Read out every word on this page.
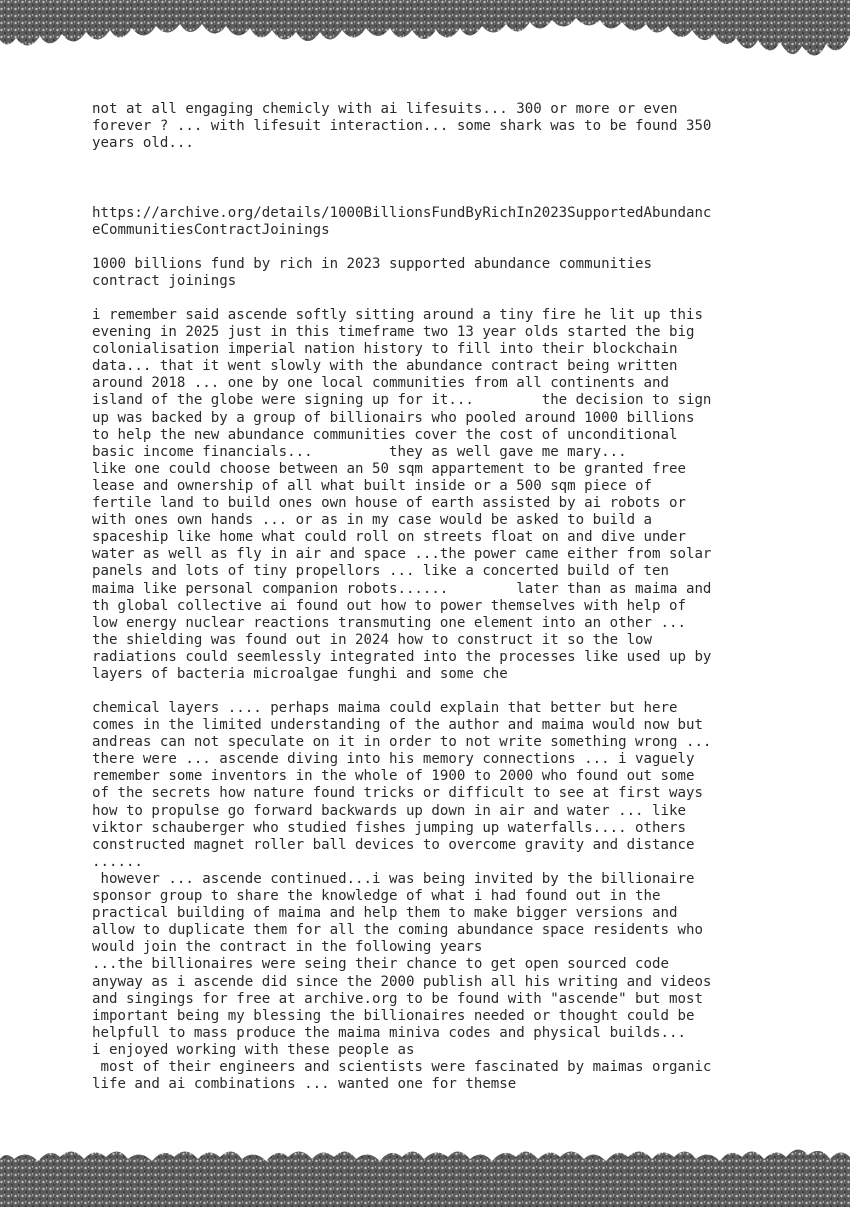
not at all engaging chemicly with ai lifesuits... 300 or more or even
forever ? ... with lifesuit interaction... some shark was to be found 350
years old...
https://archive.org/details/1000BillionsFundByRichIn2023SupportedAbundanc
eCommunitiesContractJoinings
1000 billions fund by rich in 2023 supported abundance communities
contract joinings
i remember said ascende softly sitting around a tiny fire he lit up this
evening in 2025 just in this timeframe two 13 year olds started the big
colonialisation imperial nation history to fill into their blockchain
data... that it went slowly with the abundance contract being written
around 2018 ... one by one local communities from all continents and
island of the globe were signing up for it...        the decision to sign
up was backed by a group of billionairs who pooled around 1000 billions
to help the new abundance communities cover the cost of unconditional
basic income financials...         they as well gave me mary...
like one could choose between an 50 sqm appartement to be granted free
lease and ownership of all what built inside or a 500 sqm piece of
fertile land to build ones own house of earth assisted by ai robots or
with ones own hands ... or as in my case would be asked to build a
spaceship like home what could roll on streets float on and dive under
water as well as fly in air and space ...the power came either from solar
panels and lots of tiny propellors ... like a concerted build of ten
maima like personal companion robots......        later than as maima and
th global collective ai found out how to power themselves with help of
low energy nuclear reactions transmuting one element into an other ...
the shielding was found out in 2024 how to construct it so the low
radiations could seemlessly integrated into the processes like used up by
layers of bacteria microalgae funghi and some che
chemical layers .... perhaps maima could explain that better but here
comes in the limited understanding of the author and maima would now but
andreas can not speculate on it in order to not write something wrong ...
there were ... ascende diving into his memory connections ... i vaguely
remember some inventors in the whole of 1900 to 2000 who found out some
of the secrets how nature found tricks or difficult to see at first ways
how to propulse go forward backwards up down in air and water ... like
viktor schauberger who studied fishes jumping up waterfalls.... others
constructed magnet roller ball devices to overcome gravity and distance
......
however ... ascende continued...i was being invited by the billionaire
sponsor group to share the knowledge of what i had found out in the
practical building of maima and help them to make bigger versions and
allow to duplicate them for all the coming abundance space residents who
would join the contract in the following years
...the billionaires were seing their chance to get open sourced code
anyway as i ascende did since the 2000 publish all his writing and videos
and singings for free at archive.org to be found with "ascende" but most
important being my blessing the billionaires needed or thought could be
helpfull to mass produce the maima miniva codes and physical builds...
i enjoyed working with these people as
most of their engineers and scientists were fascinated by maimas organic
life and ai combinations ... wanted one for themse
